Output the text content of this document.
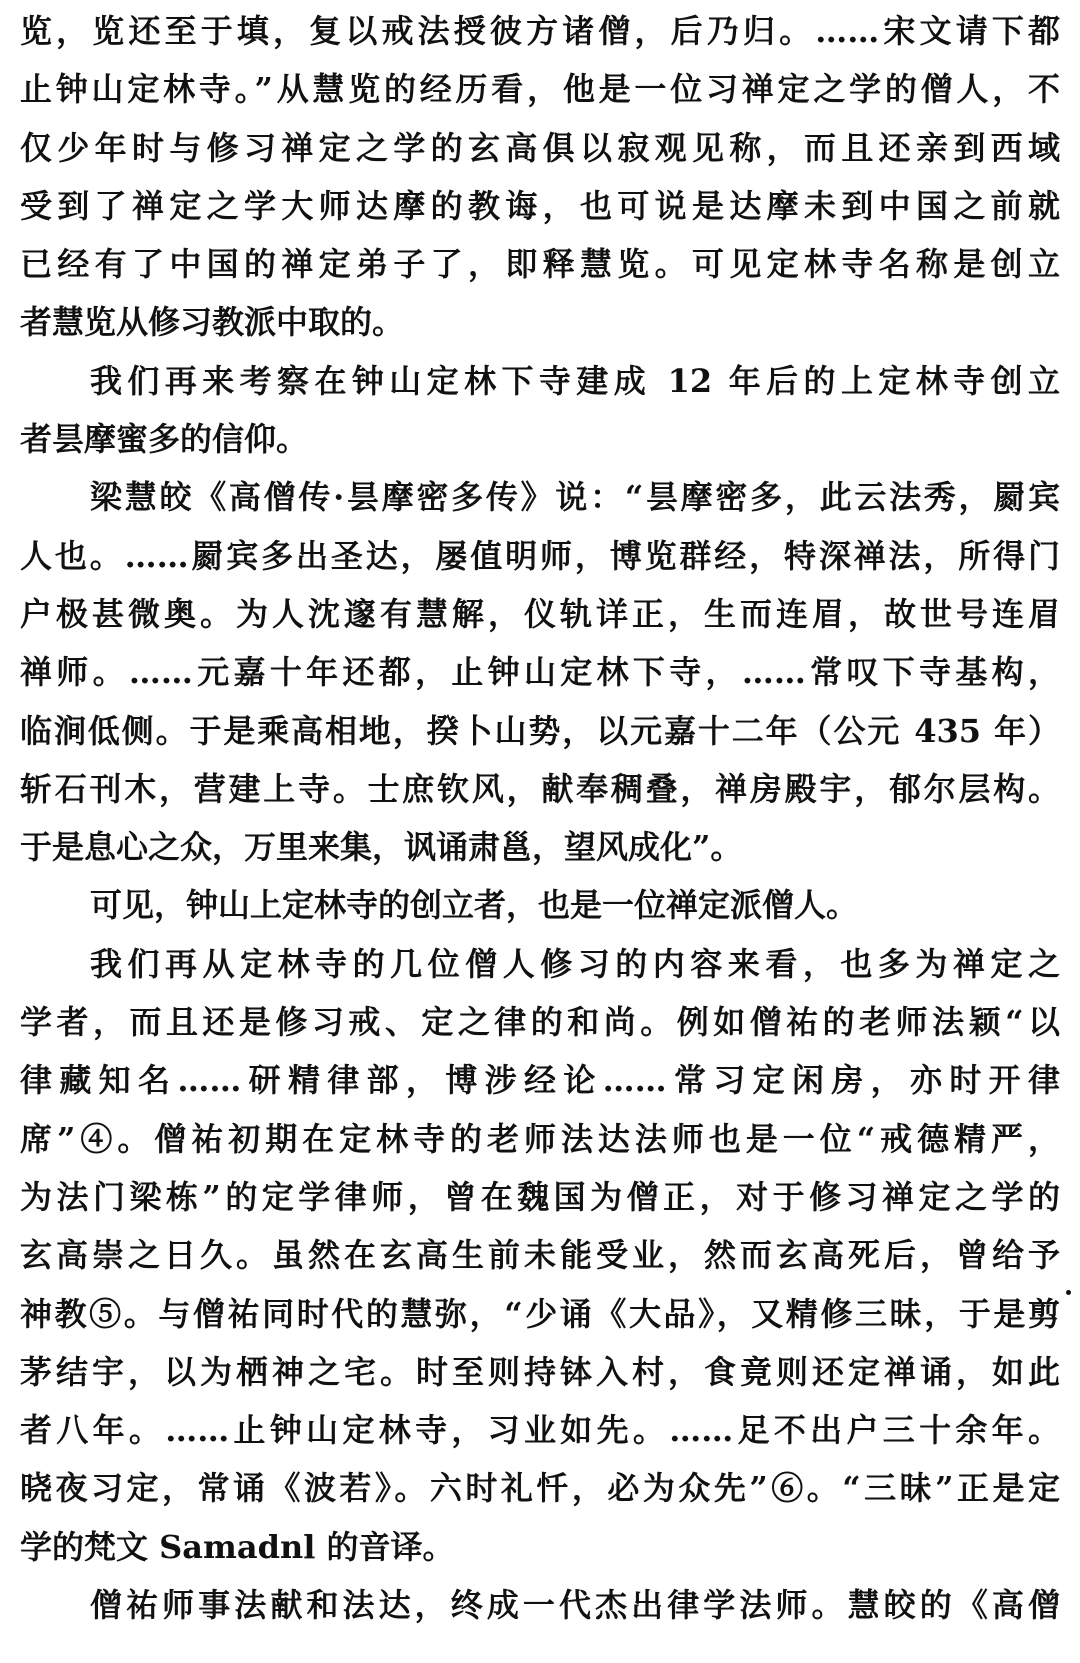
览，览还至于填，复以戒法授彼方诸僧，后乃归。……宋文请下都
止钟山定林寺。”从慧览的经历看，他是一位习禅定之学的僧人，不
仅少年时与修习禅定之学的玄高俱以寂观见称，而且还亲到西域
受到了禅定之学大师达摩的教诲，也可说是达摩未到中国之前就
已经有了中国的禅定弟子了，即释慧览。可见定林寺名称是创立
者慧览从修习教派中取的。
我们再来考察在钟山定林下寺建成 12 年后的上定林寺创立
者昙摩蜜多的信仰。
梁慧皎《高僧传·昙摩密多传》说：“昙摩密多，此云法秀，罽宾
人也。……罽宾多出圣达，屡值明师，博览群经，特深禅法，所得门
户极甚微奥。为人沈邃有慧解，仪轨详正，生而连眉，故世号连眉
禅师。……元嘉十年还都，止钟山定林下寺，……常叹下寺基构，
临涧低侧。于是乘高相地，揆卜山势，以元嘉十二年（公元 435 年）
斩石刊木，营建上寺。士庶钦风，献奉稠叠，禅房殿宇，郁尔层构。
于是息心之众，万里来集，讽诵肃邕，望风成化”。
可见，钟山上定林寺的创立者，也是一位禅定派僧人。
我们再从定林寺的几位僧人修习的内容来看，也多为禅定之
学者，而且还是修习戒、定之律的和尚。例如僧祐的老师法颖“以
律藏知名……研精律部，博涉经论……常习定闲房，亦时开律
席”④。僧祐初期在定林寺的老师法达法师也是一位“戒德精严，
为法门梁栋”的定学律师，曾在魏国为僧正，对于修习禅定之学的
玄高崇之日久。虽然在玄高生前未能受业，然而玄高死后，曾给予
神教⑤。与僧祐同时代的慧弥，“少诵《大品》，又精修三昧，于是剪
茅结宇，以为栖神之宅。时至则持钵入村，食竟则还定禅诵，如此
者八年。……止钟山定林寺，习业如先。……足不出户三十余年。
晓夜习定，常诵《波若》。六时礼忏，必为众先”⑥。“三昧”正是定
学的梵文 Samadnl 的音译。
僧祐师事法献和法达，终成一代杰出律学法师。慧皎的《高僧
